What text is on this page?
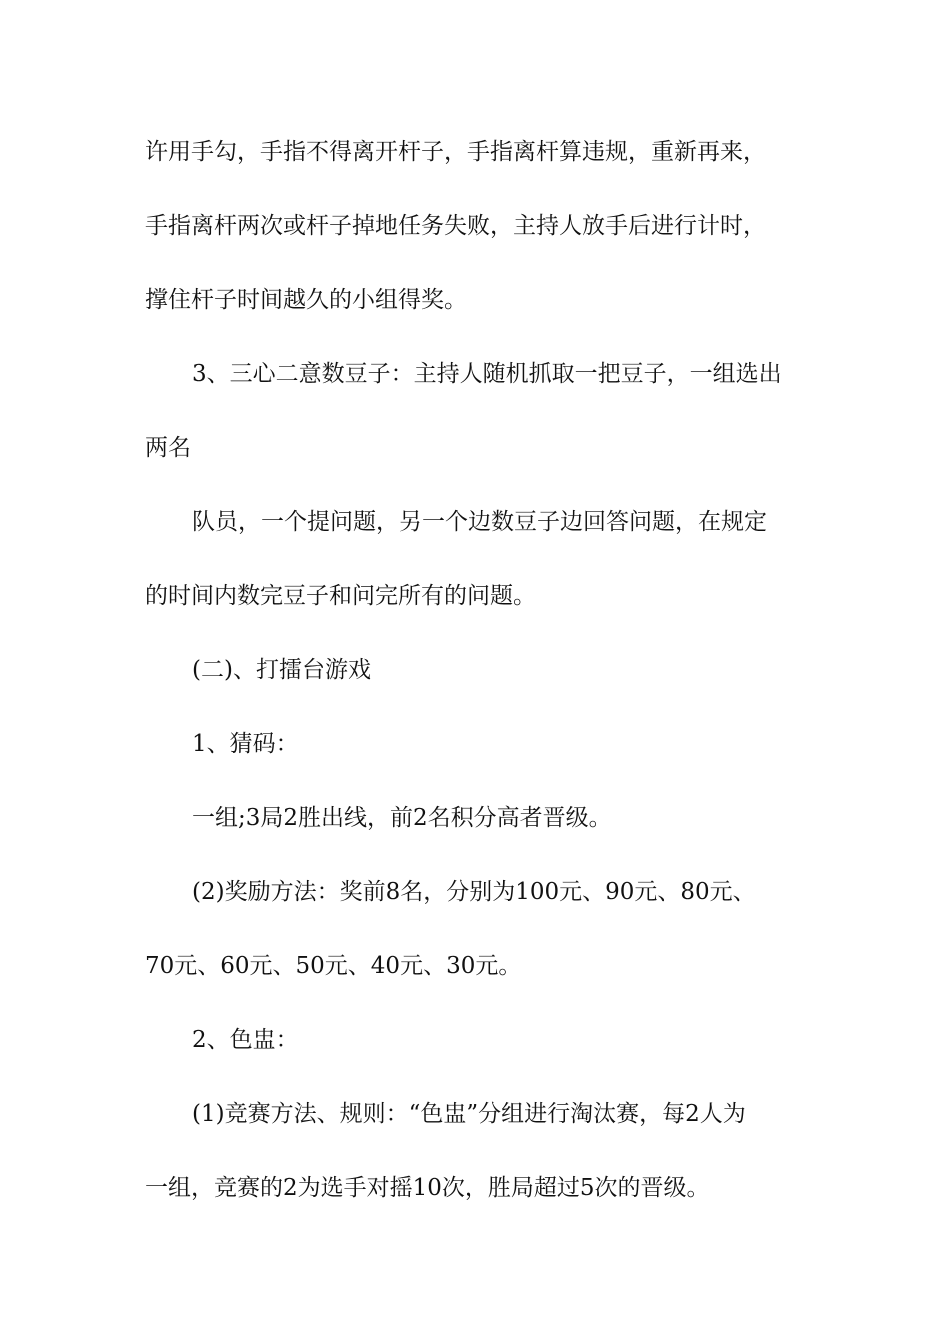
许用手勾，手指不得离开杆子，手指离杆算违规，重新再来，
手指离杆两次或杆子掉地任务失败，主持人放手后进行计时，
撑住杆子时间越久的小组得奖。
3、三心二意数豆子：主持人随机抓取一把豆子，一组选出
两名
队员，一个提问题，另一个边数豆子边回答问题，在规定
的时间内数完豆子和问完所有的问题。
(二)、打擂台游戏
1、猜码：
一组;3局2胜出线，前2名积分高者晋级。
(2)奖励方法：奖前8名，分别为100元、90元、80元、
70元、60元、50元、40元、30元。
2、色盅：
(1)竞赛方法、规则：“色盅”分组进行淘汰赛，每2人为
一组，竞赛的2为选手对摇10次，胜局超过5次的晋级。
